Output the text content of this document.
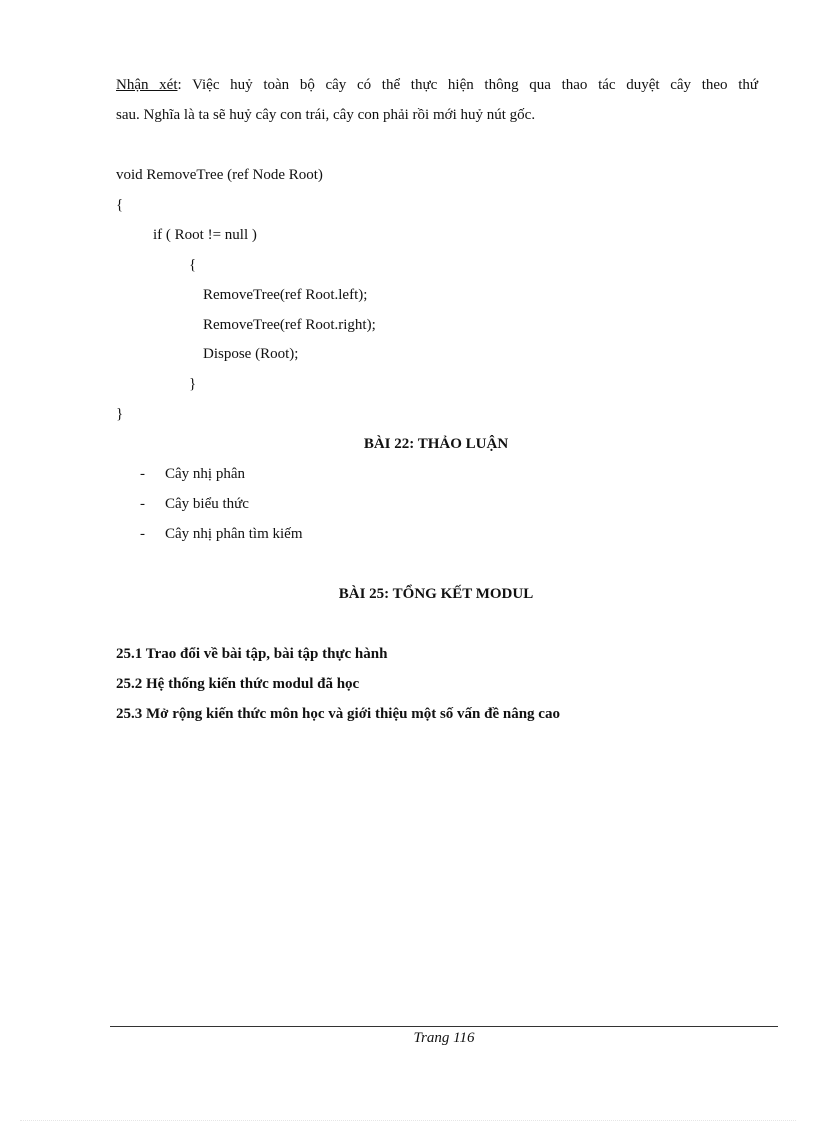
Nhận xét: Việc huỷ toàn bộ cây có thể thực hiện thông qua thao tác duyệt cây theo thứ
sau. Nghĩa là ta sẽ huỷ cây con trái, cây con phải rồi mới huỷ nút gốc.
void RemoveTree (ref Node Root)
{
if ( Root != null )
{
RemoveTree(ref Root.left);
RemoveTree(ref Root.right);
Dispose (Root);
}
}
BÀI 22: THẢO LUẬN
- Cây nhị phân
- Cây biểu thức
- Cây nhị phân tìm kiếm
BÀI 25: TỔNG KẾT MODUL
25.1 Trao đổi về bài tập, bài tập thực hành
25.2 Hệ thống kiến thức modul đã học
25.3 Mở rộng kiến thức môn học và giới thiệu một số vấn đề nâng cao
Trang 116
